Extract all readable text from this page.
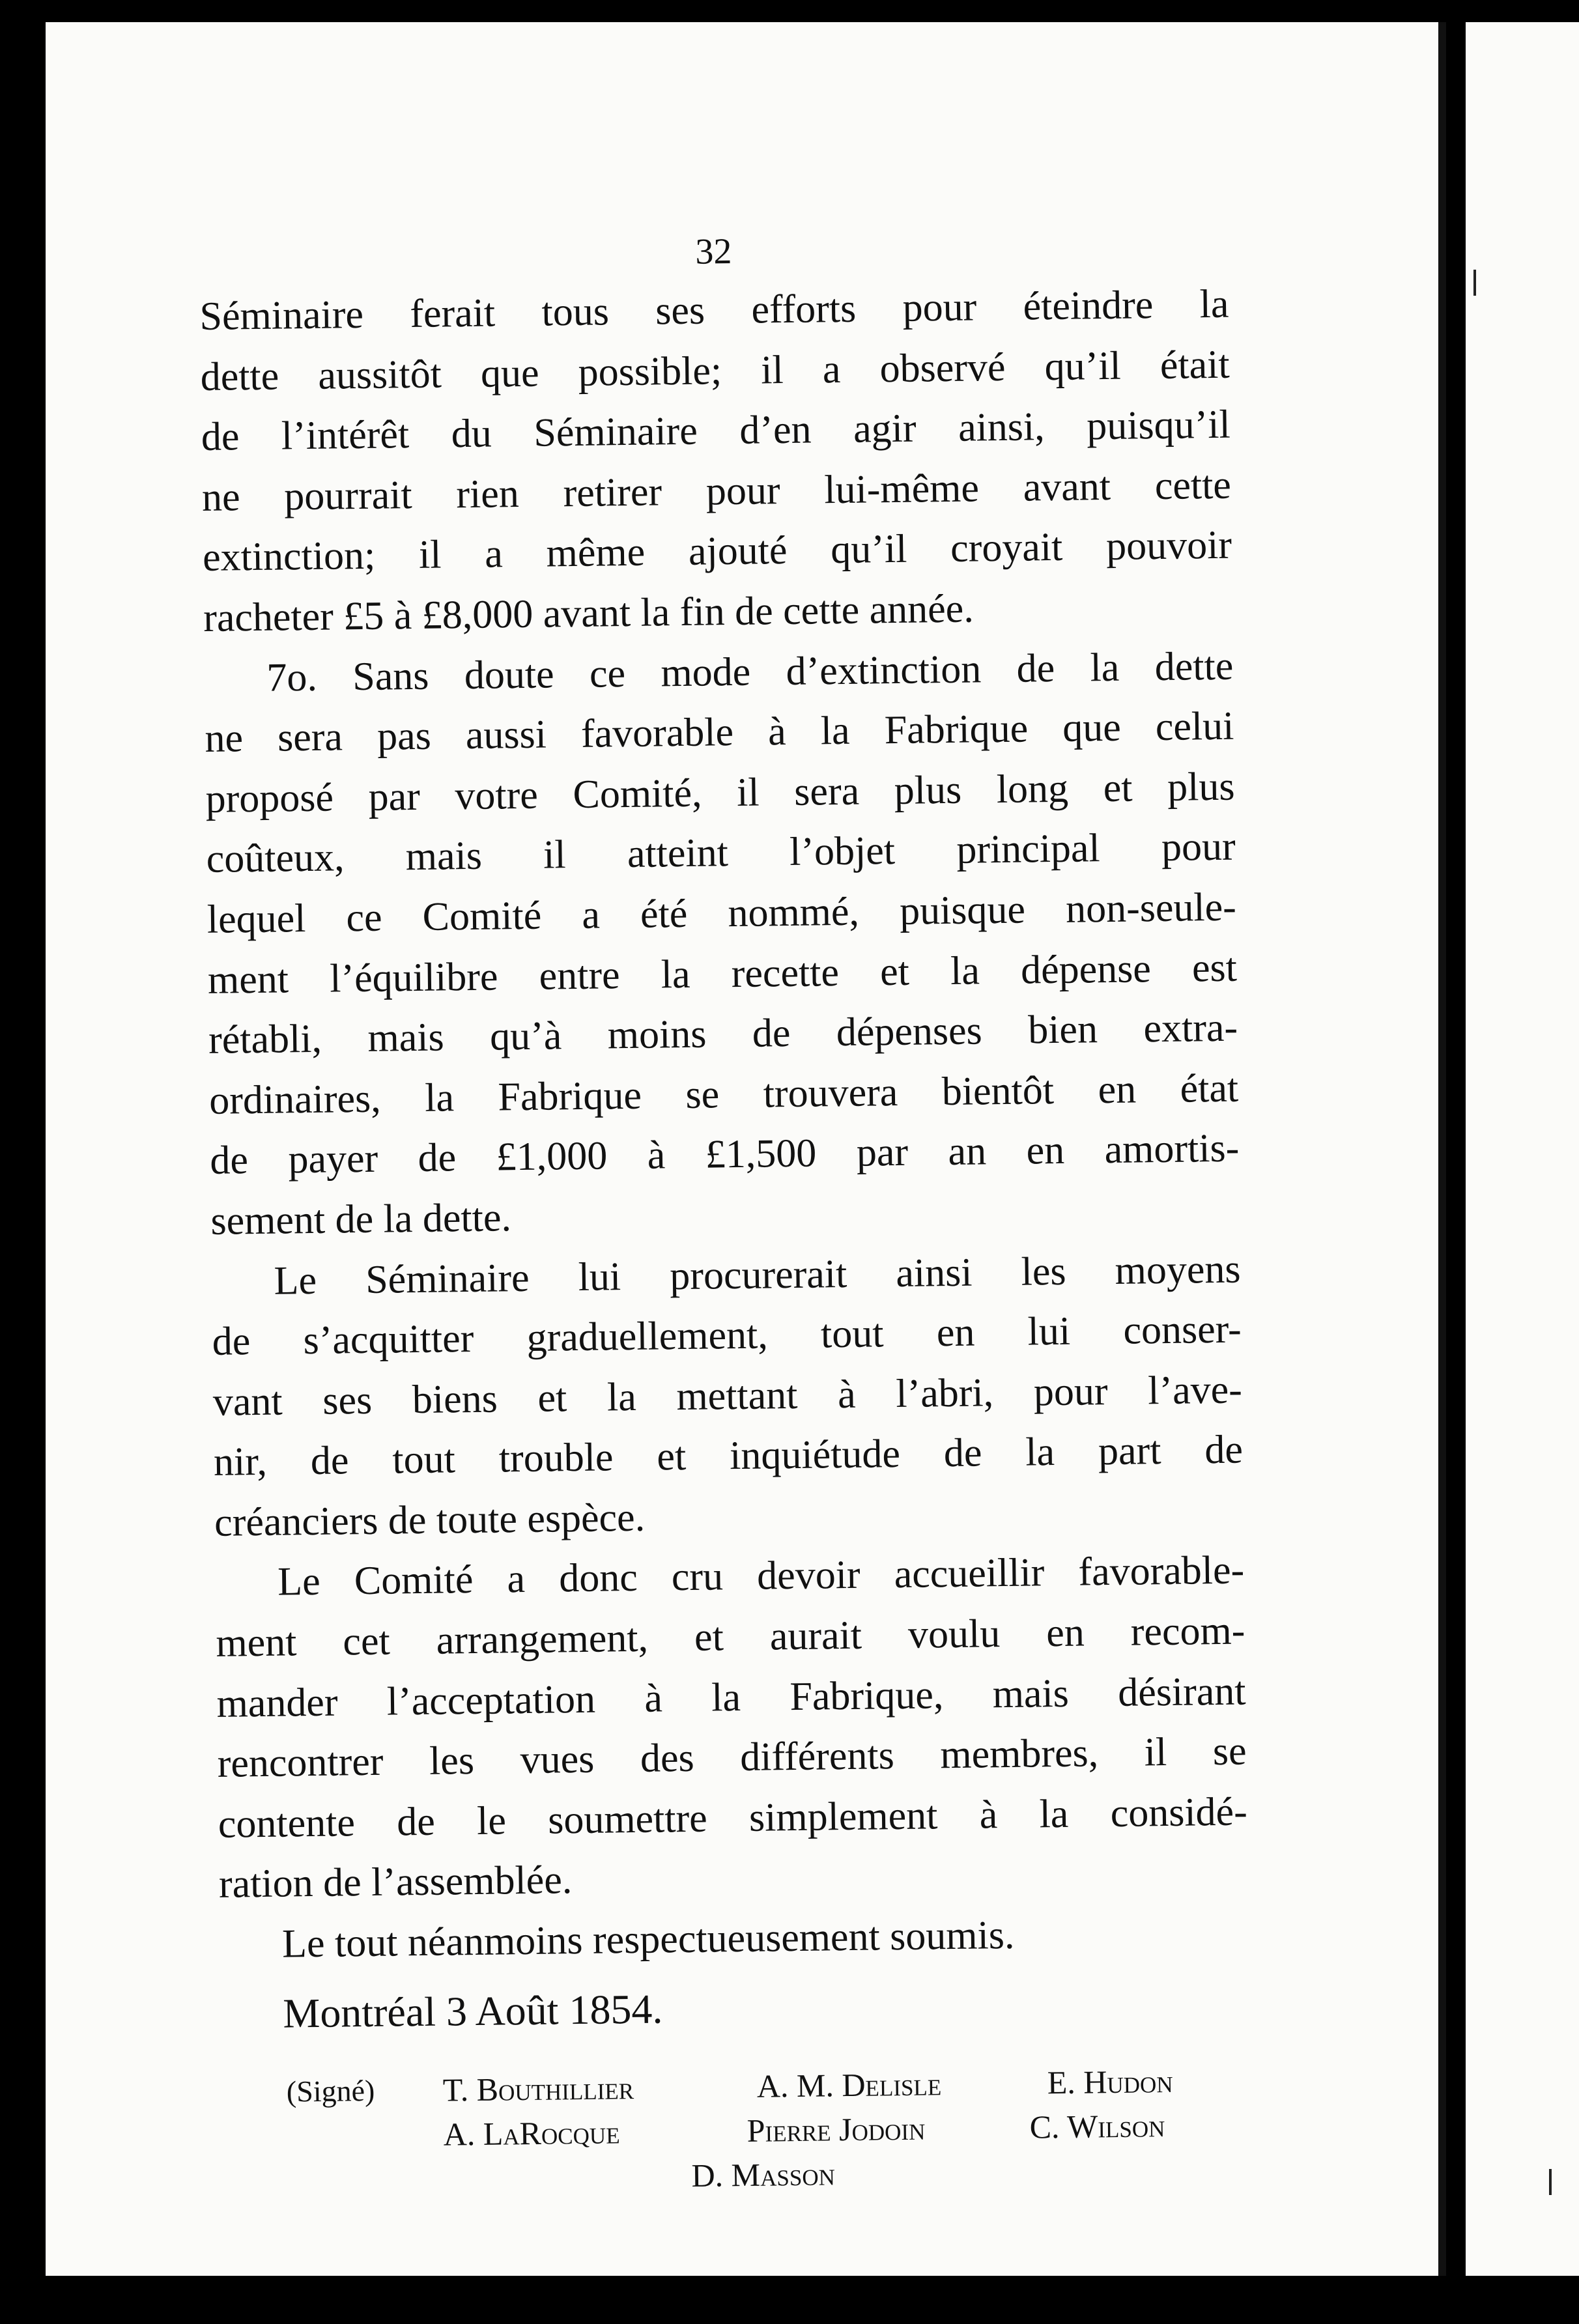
32
Séminaire ferait tous ses efforts pour éteindre la
dette aussitôt que possible; il a observé qu’il était
de l’intérêt du Séminaire d’en agir ainsi, puisqu’il
ne pourrait rien retirer pour lui-même avant cette
extinction; il a même ajouté qu’il croyait pouvoir
racheter £5 à £8,000 avant la fin de cette année.
7o. Sans doute ce mode d’extinction de la dette
ne sera pas aussi favorable à la Fabrique que celui
proposé par votre Comité, il sera plus long et plus
coûteux, mais il atteint l’objet principal pour
lequel ce Comité a été nommé, puisque non-seule-
ment l’équilibre entre la recette et la dépense est
rétabli, mais qu’à moins de dépenses bien extra-
ordinaires, la Fabrique se trouvera bientôt en état
de payer de £1,000 à £1,500 par an en amortis-
sement de la dette.
Le Séminaire lui procurerait ainsi les moyens
de s’acquitter graduellement, tout en lui conser-
vant ses biens et la mettant à l’abri, pour l’ave-
nir, de tout trouble et inquiétude de la part de
créanciers de toute espèce.
Le Comité a donc cru devoir accueillir favorable-
ment cet arrangement, et aurait voulu en recom-
mander l’acceptation à la Fabrique, mais désirant
rencontrer les vues des différents membres, il se
contente de le soumettre simplement à la considé-
ration de l’assemblée.
Le tout néanmoins respectueusement soumis.
Montréal 3 Août 1854.
(Signé) T. Bouthillier	A. M. Delisle	E. Hudon
A. LaRocque	Pierre Jodoin	C. Wilson
D. Masson
